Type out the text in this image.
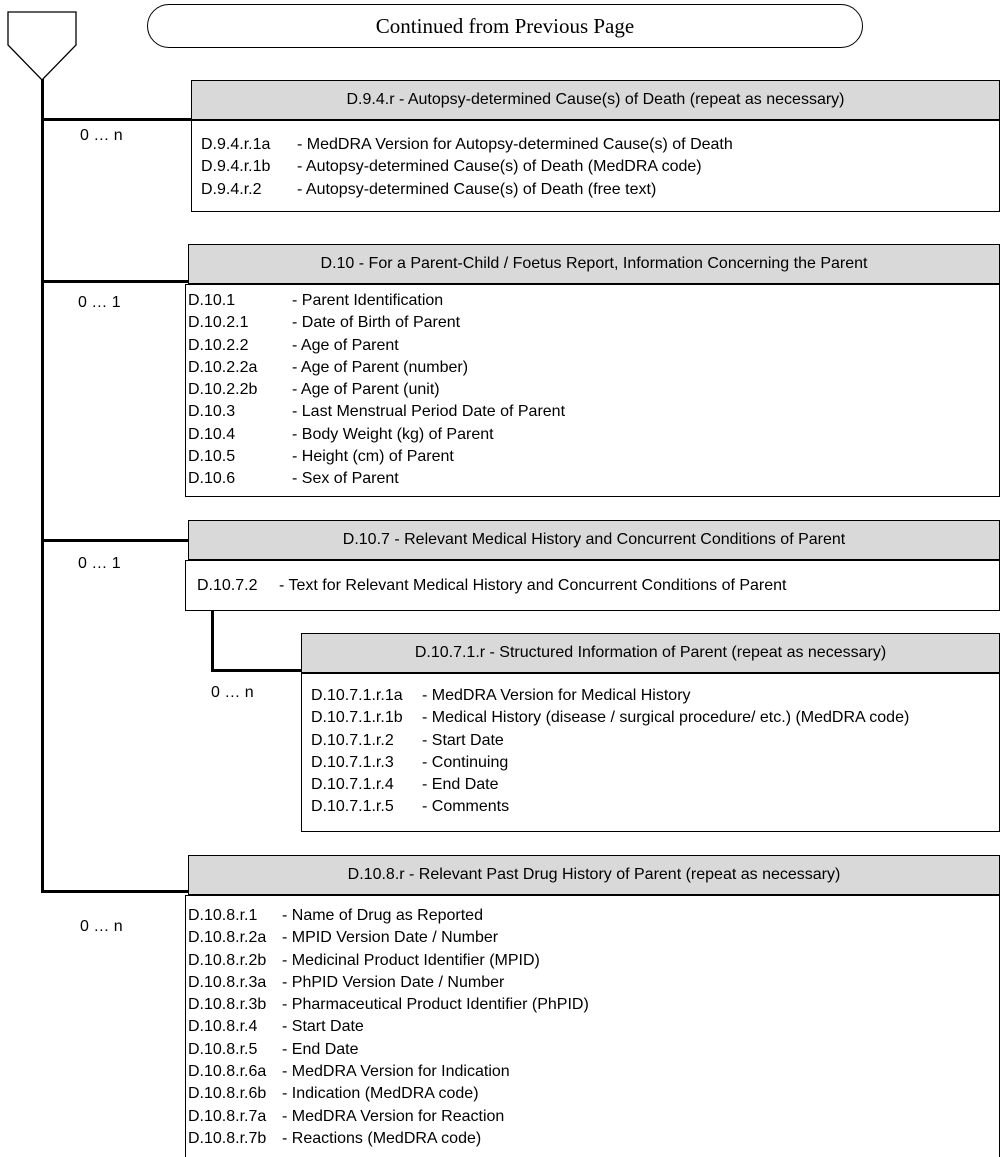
Continued from Previous Page
D.9.4.r - Autopsy-determined Cause(s) of Death (repeat as necessary)
D.9.4.r.1a	- MedDRA Version for Autopsy-determined Cause(s) of Death
D.9.4.r.1b	- Autopsy-determined Cause(s) of Death (MedDRA code)
D.9.4.r.2	- Autopsy-determined Cause(s) of Death (free text)
0 … n
D.10 - For a Parent-Child / Foetus Report, Information Concerning the Parent
D.10.1	- Parent Identification
D.10.2.1	- Date of Birth of Parent
D.10.2.2	- Age of Parent
D.10.2.2a	- Age of Parent (number)
D.10.2.2b	- Age of Parent (unit)
D.10.3	- Last Menstrual Period Date of Parent
D.10.4	- Body Weight (kg) of Parent
D.10.5	- Height (cm) of Parent
D.10.6	- Sex of Parent
0 … 1
D.10.7 - Relevant Medical History and Concurrent Conditions of Parent
D.10.7.2	- Text for Relevant Medical History and Concurrent Conditions of Parent
0 … 1
D.10.7.1.r - Structured Information of Parent (repeat as necessary)
D.10.7.1.r.1a	- MedDRA Version for Medical History
D.10.7.1.r.1b	- Medical History (disease / surgical procedure/ etc.) (MedDRA code)
D.10.7.1.r.2	- Start Date
D.10.7.1.r.3	- Continuing
D.10.7.1.r.4	- End Date
D.10.7.1.r.5	- Comments
0 … n
D.10.8.r - Relevant Past Drug History of Parent (repeat as necessary)
D.10.8.r.1	- Name of Drug as Reported
D.10.8.r.2a - MPID Version Date / Number
D.10.8.r.2b - Medicinal Product Identifier (MPID)
D.10.8.r.3a - PhPID Version Date / Number
D.10.8.r.3b - Pharmaceutical Product Identifier (PhPID)
D.10.8.r.4	- Start Date
D.10.8.r.5	- End Date
D.10.8.r.6a - MedDRA Version for Indication
D.10.8.r.6b - Indication (MedDRA code)
D.10.8.r.7a - MedDRA Version for Reaction
D.10.8.r.7b - Reactions (MedDRA code)
0 … n
